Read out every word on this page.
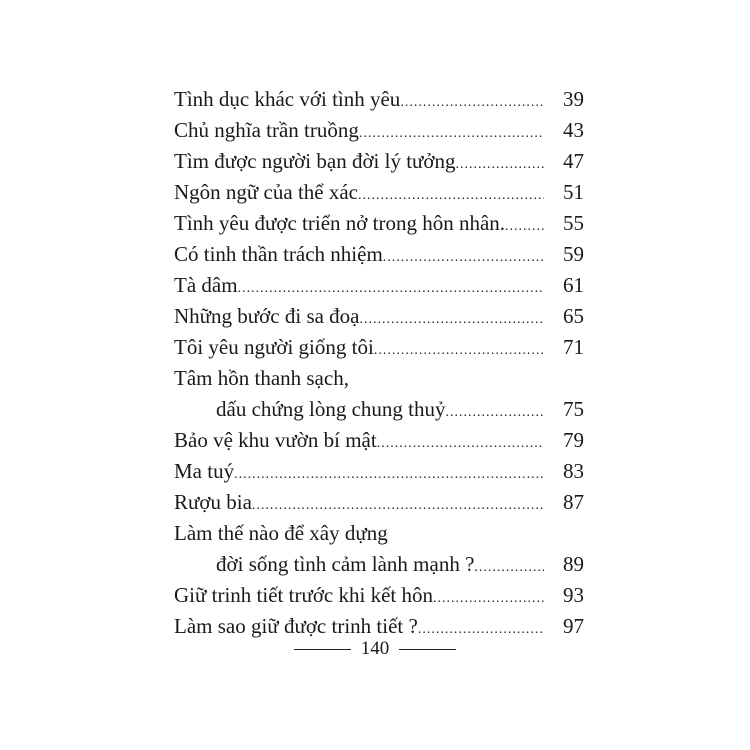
Tình dục khác với tình yêu .....	39
Chủ nghĩa trần truồng .....	43
Tìm được người bạn đời lý tưởng .....	47
Ngôn ngữ của thể xác .....	51
Tình yêu được triển nở trong hôn nhân. .....	55
Có tinh thần trách nhiệm .....	59
Tà dâm .....	61
Những bước đi sa đoạ .....	65
Tôi yêu người giống tôi .....	71
Tâm hồn thanh sạch,
dấu chứng lòng chung thuỷ .....	75
Bảo vệ khu vườn bí mật .....	79
Ma tuý .....	83
Rượu bia .....	87
Làm thế nào để xây dựng
đời sống tình cảm lành mạnh ? .....	89
Giữ trinh tiết trước khi kết hôn .....	93
Làm sao giữ được trinh tiết ? .....	97
140
